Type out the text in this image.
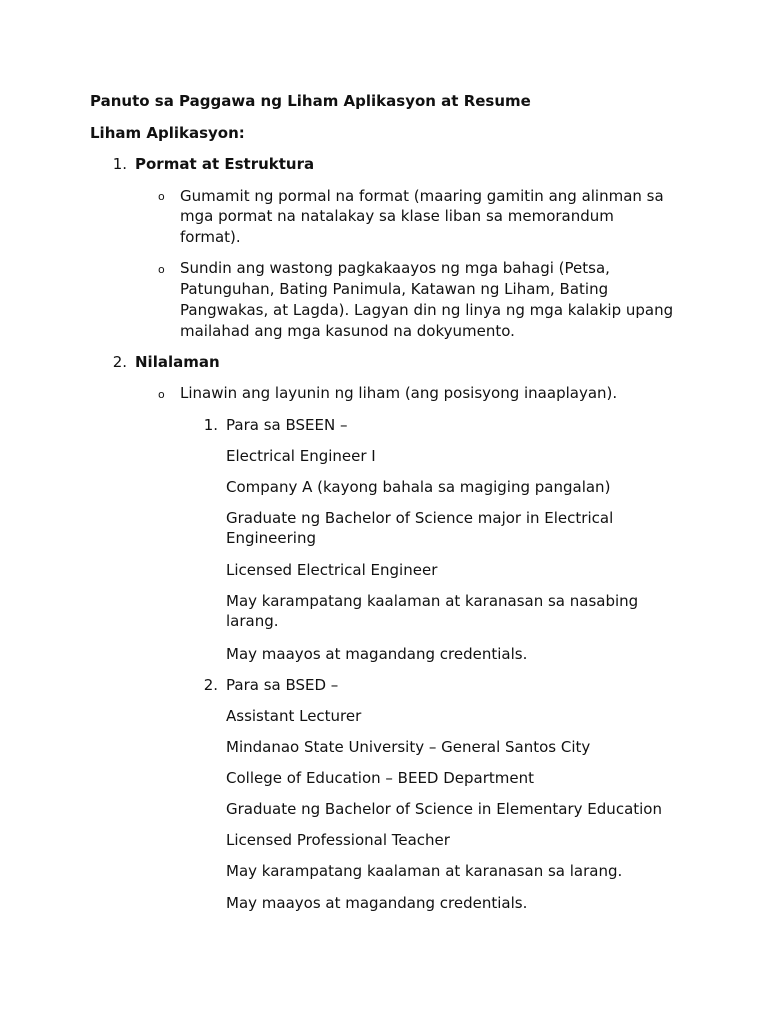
Panuto sa Paggawa ng Liham Aplikasyon at Resume
Liham Aplikasyon:
1. Pormat at Estruktura
o Gumamit ng pormal na format (maaring gamitin ang alinman sa
mga pormat na natalakay sa klase liban sa memorandum
format).
o Sundin ang wastong pagkakaayos ng mga bahagi (Petsa,
Patunguhan, Bating Panimula, Katawan ng Liham, Bating
Pangwakas, at Lagda). Lagyan din ng linya ng mga kalakip upang
mailahad ang mga kasunod na dokyumento.
2. Nilalaman
o Linawin ang layunin ng liham (ang posisyong inaaplayan).
1. Para sa BSEEN –
Electrical Engineer I
Company A (kayong bahala sa magiging pangalan)
Graduate ng Bachelor of Science major in Electrical
Engineering
Licensed Electrical Engineer
May karampatang kaalaman at karanasan sa nasabing
larang.
May maayos at magandang credentials.
2. Para sa BSED –
Assistant Lecturer
Mindanao State University – General Santos City
College of Education – BEED Department
Graduate ng Bachelor of Science in Elementary Education
Licensed Professional Teacher
May karampatang kaalaman at karanasan sa larang.
May maayos at magandang credentials.
